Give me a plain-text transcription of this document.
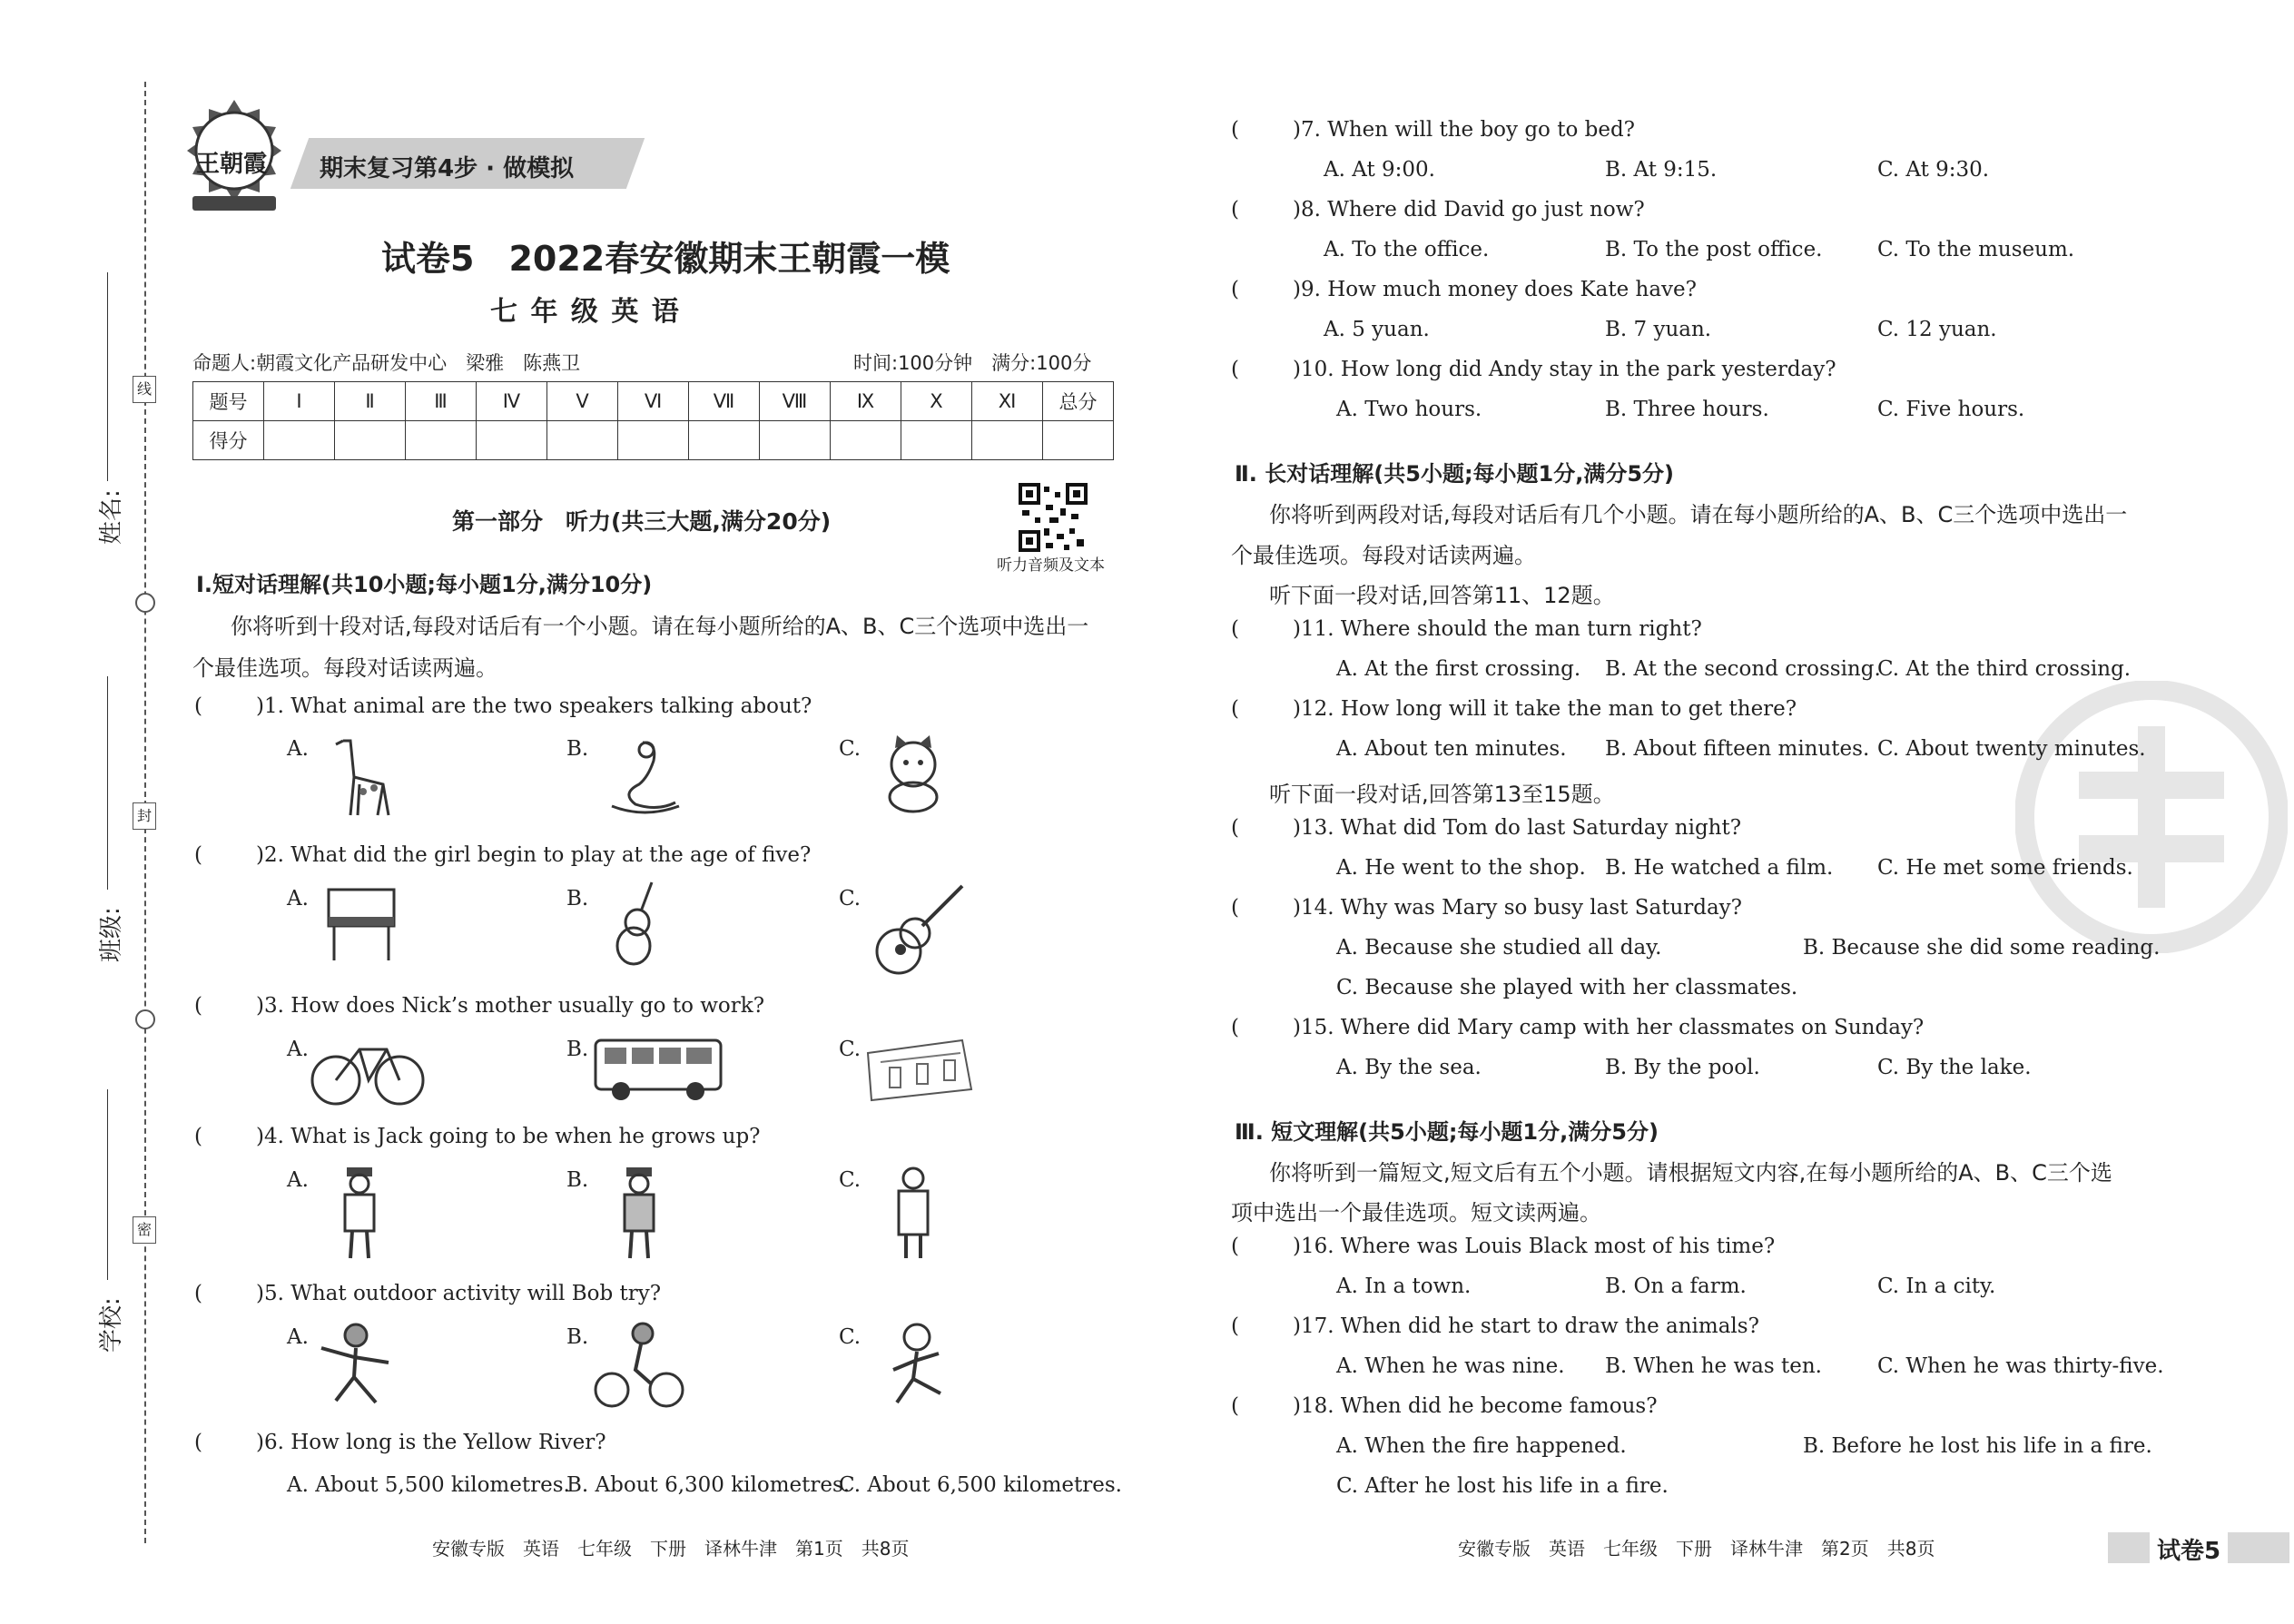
线
封
密
姓名:
班级:
学校:
王朝霞 期末复习第4步 · 做模拟
试卷5　2022春安徽期末王朝霞一模
七 年 级 英 语
命题人:朝霞文化产品研发中心　梁雅　陈燕卫	时间:100分钟　满分:100分
题号	Ⅰ	Ⅱ	Ⅲ	Ⅳ	Ⅴ	Ⅵ	Ⅶ	Ⅷ	Ⅸ	Ⅹ	Ⅺ	总分
得分												
第一部分　听力(共三大题,满分20分)
听力音频及文本
Ⅰ.短对话理解(共10小题;每小题1分,满分10分)
你将听到十段对话,每段对话后有一个小题。请在每小题所给的A、B、C三个选项中选出一
个最佳选项。每段对话读两遍。
(	)1. What animal are the two speakers talking about?
A.	B.	C.
(	)2. What did the girl begin to play at the age of five?
A.	B.	C.
(	)3. How does Nick’s mother usually go to work?
A.	B.	C.
(	)4. What is Jack going to be when he grows up?
A.	B.	C.
(	)5. What outdoor activity will Bob try?
A.	B.	C.
(	)6. How long is the Yellow River?
A. About 5,500 kilometres.
B. About 6,300 kilometres.
C. About 6,500 kilometres.
安徽专版　英语　七年级　下册　译林牛津　第1页　共8页
(	)7. When will the boy go to bed?
A. At 9:00.	B. At 9:15.	C. At 9:30.
(	)8. Where did David go just now?
A. To the office.	B. To the post office.	C. To the museum.
(	)9. How much money does Kate have?
A. 5 yuan.	B. 7 yuan.	C. 12 yuan.
(	)10. How long did Andy stay in the park yesterday?
A. Two hours.	B. Three hours.	C. Five hours.
Ⅱ. 长对话理解(共5小题;每小题1分,满分5分)
你将听到两段对话,每段对话后有几个小题。请在每小题所给的A、B、C三个选项中选出一
个最佳选项。每段对话读两遍。
听下面一段对话,回答第11、12题。
(	)11. Where should the man turn right?
A. At the first crossing. B. At the second crossing.
C. At the third crossing.
(	)12. How long will it take the man to get there?
A. About ten minutes. B. About fifteen minutes. C. About twenty minutes.
听下面一段对话,回答第13至15题。
(	)13. What did Tom do last Saturday night?
A. He went to the shop. B. He watched a film. C. He met some friends.
(	)14. Why was Mary so busy last Saturday?
A. Because she studied all day.	B. Because she did some reading.
C. Because she played with her classmates.
(	)15. Where did Mary camp with her classmates on Sunday?
A. By the sea.	B. By the pool.	C. By the lake.
Ⅲ. 短文理解(共5小题;每小题1分,满分5分)
你将听到一篇短文,短文后有五个小题。请根据短文内容,在每小题所给的A、B、C三个选
项中选出一个最佳选项。短文读两遍。
(	)16. Where was Louis Black most of his time?
A. In a town.	B. On a farm.	C. In a city.
(	)17. When did he start to draw the animals?
A. When he was nine. B. When he was ten.	C. When he was thirty-five.
(	)18. When did he become famous?
A. When the fire happened.	B. Before he lost his life in a fire.
C. After he lost his life in a fire.
安徽专版　英语　七年级　下册　译林牛津　第2页　共8页	试卷5
